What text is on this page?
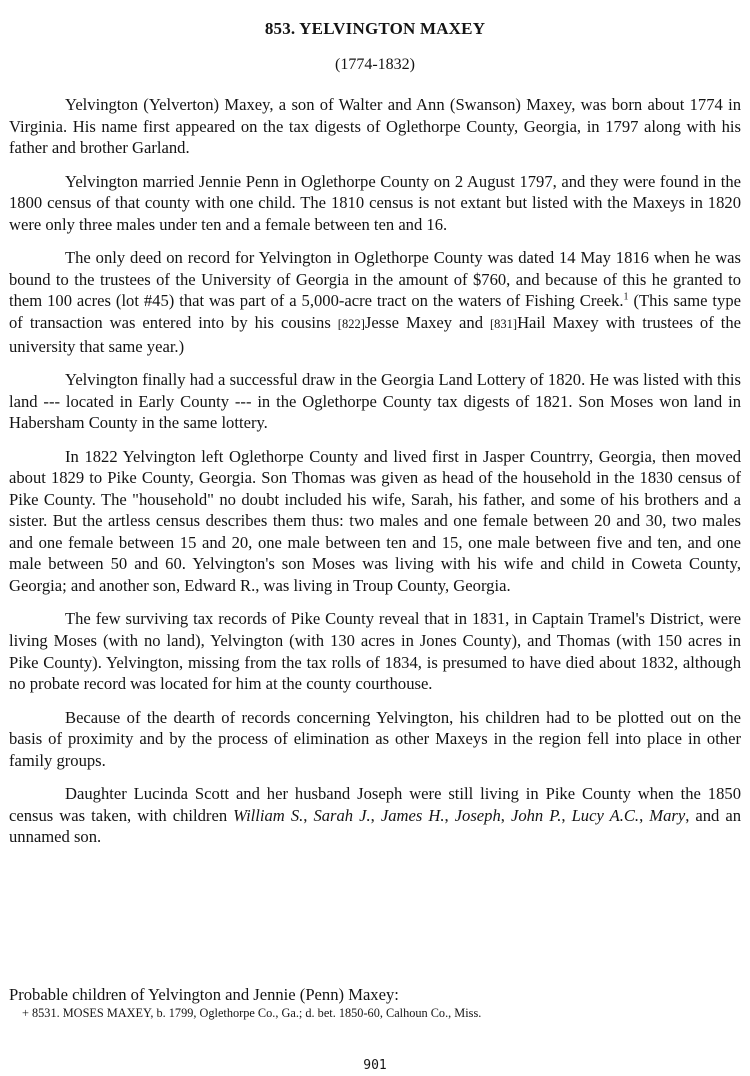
853. YELVINGTON MAXEY
(1774-1832)

Yelvington (Yelverton) Maxey, a son of Walter and Ann (Swanson) Maxey, was born about 1774 in Virginia. His name first appeared on the tax digests of Oglethorpe County, Georgia, in 1797 along with his father and brother Garland.

Yelvington married Jennie Penn in Oglethorpe County on 2 August 1797, and they were found in the 1800 census of that county with one child. The 1810 census is not extant but listed with the Maxeys in 1820 were only three males under ten and a female between ten and 16.

The only deed on record for Yelvington in Oglethorpe County was dated 14 May 1816 when he was bound to the trustees of the University of Georgia in the amount of $760, and because of this he granted to them 100 acres (lot #45) that was part of a 5,000-acre tract on the waters of Fishing Creek.$^1$ (This same type of transaction was entered into by his cousins [822]Jesse Maxey and [831]Hail Maxey with trustees of the university that same year.)

Yelvington finally had a successful draw in the Georgia Land Lottery of 1820. He was listed with this land --- located in Early County --- in the Oglethorpe County tax digests of 1821. Son Moses won land in Habersham County in the same lottery.

In 1822 Yelvington left Oglethorpe County and lived first in Jasper Countrry, Georgia, then moved about 1829 to Pike County, Georgia. Son Thomas was given as head of the household in the 1830 census of Pike County. The "household" no doubt included his wife, Sarah, his father, and some of his brothers and a sister. But the artless census describes them thus: two males and one female between 20 and 30, two males and one female between 15 and 20, one male between ten and 15, one male between five and ten, and one male between 50 and 60. Yelvington's son Moses was living with his wife and child in Coweta County, Georgia; and another son, Edward R., was living in Troup County, Georgia.

The few surviving tax records of Pike County reveal that in 1831, in Captain Tramel's District, were living Moses (with no land), Yelvington (with 130 acres in Jones County), and Thomas (with 150 acres in Pike County). Yelvington, missing from the tax rolls of 1834, is presumed to have died about 1832, although no probate record was located for him at the county courthouse.

Because of the dearth of records concerning Yelvington, his children had to be plotted out on the basis of proximity and by the process of elimination as other Maxeys in the region fell into place in other family groups.

Daughter Lucinda Scott and her husband Joseph were still living in Pike County when the 1850 census was taken, with children William S., Sarah J., James H., Joseph, John P., Lucy A.C., Mary, and an unnamed son.

Probable children of Yelvington and Jennie (Penn) Maxey:
+ 8531. MOSES MAXEY, b. 1799, Oglethorpe Co., Ga.; d. bet. 1850-60, Calhoun Co., Miss.
901
